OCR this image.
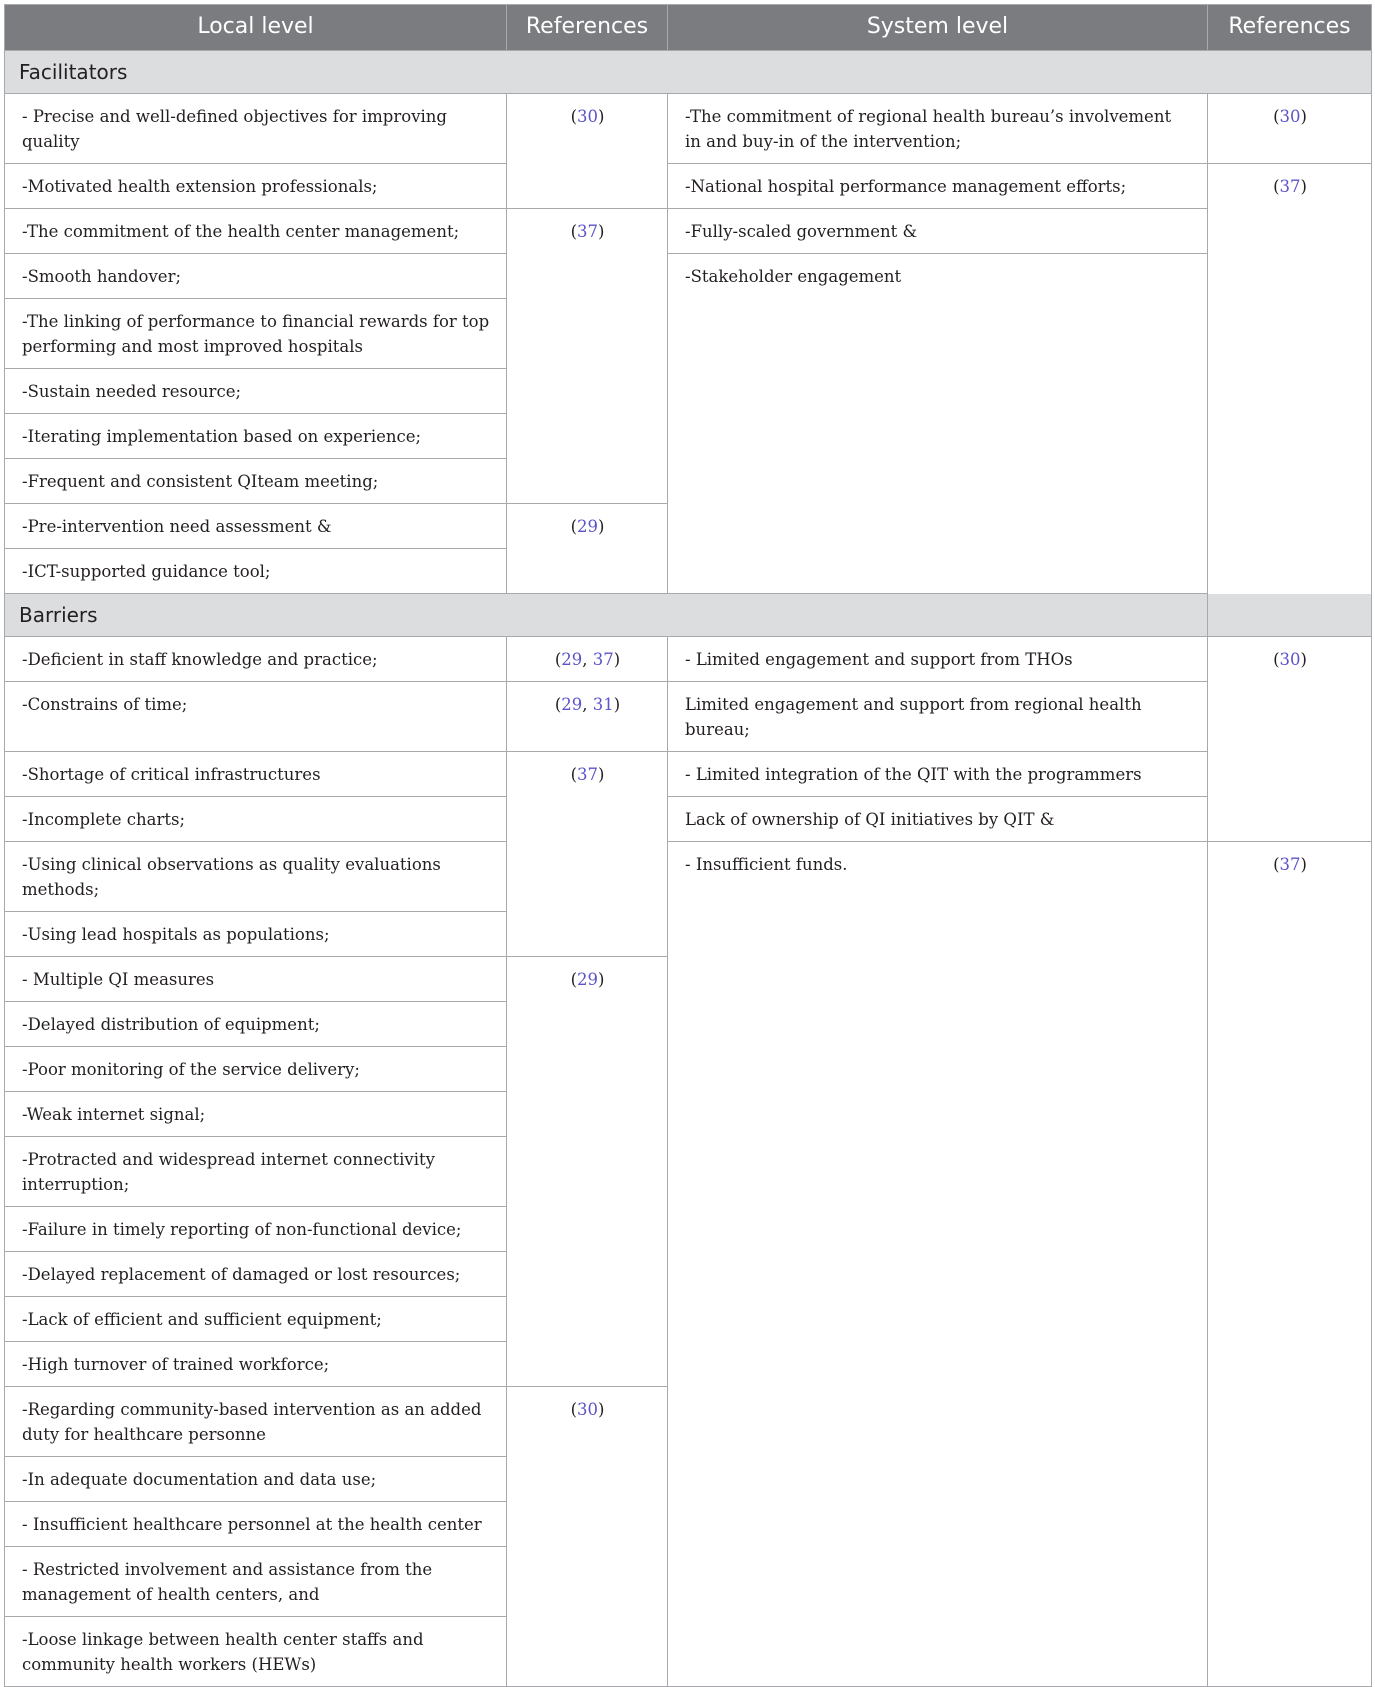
Local level	References	System level	References
Facilitators			
- Precise and well-defined objectives for improving quality	(30)	-The commitment of regional health bureau’s involvement in and buy-in of the intervention;	(30)
-Motivated health extension professionals;		-National hospital performance management efforts;	(37)
-The commitment of the health center management;	(37)	-Fully-scaled government &	
-Smooth handover;		-Stakeholder engagement	
-The linking of performance to financial rewards for top performing and most improved hospitals			
-Sustain needed resource;			
-Iterating implementation based on experience;			
-Frequent and consistent QIteam meeting;			
-Pre-intervention need assessment &	(29)		
-ICT-supported guidance tool;			
Barriers			
-Deficient in staff knowledge and practice;	(29, 37)	- Limited engagement and support from THOs	(30)
-Constrains of time;	(29, 31)	Limited engagement and support from regional health bureau;	
-Shortage of critical infrastructures	(37)	- Limited integration of the QIT with the programmers	
-Incomplete charts;		Lack of ownership of QI initiatives by QIT &	
-Using clinical observations as quality evaluations methods;		- Insufficient funds.	(37)
-Using lead hospitals as populations;			
- Multiple QI measures	(29)		
-Delayed distribution of equipment;			
-Poor monitoring of the service delivery;			
-Weak internet signal;			
-Protracted and widespread internet connectivity interruption;			
-Failure in timely reporting of non-functional device;			
-Delayed replacement of damaged or lost resources;			
-Lack of efficient and sufficient equipment;			
-High turnover of trained workforce;			
-Regarding community-based intervention as an added duty for healthcare personne	(30)		
-In adequate documentation and data use;			
- Insufficient healthcare personnel at the health center			
- Restricted involvement and assistance from the management of health centers, and			
-Loose linkage between health center staffs and community health workers (HEWs)			
